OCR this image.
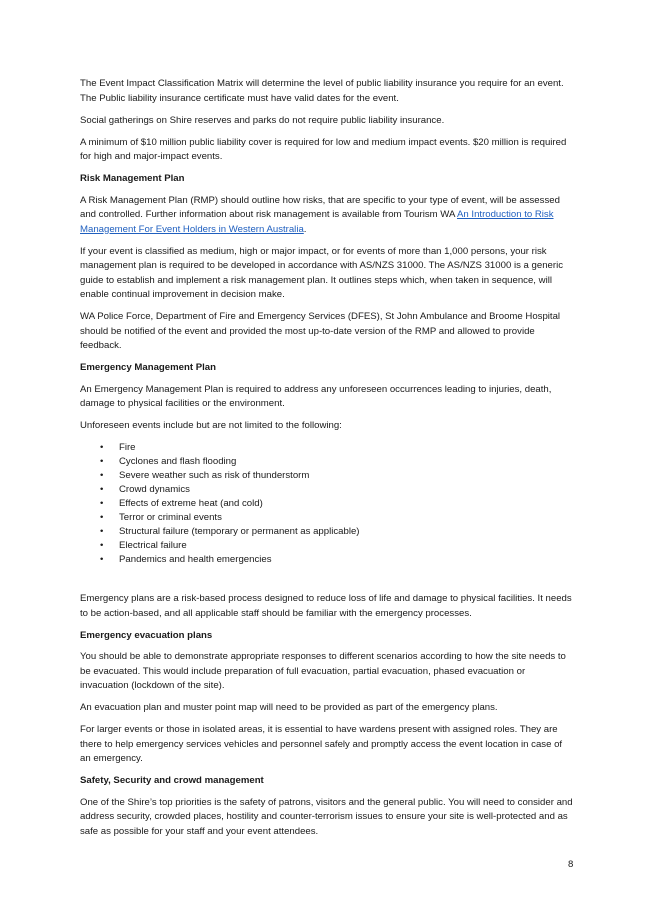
The Event Impact Classification Matrix will determine the level of public liability insurance you require for an event. The Public liability insurance certificate must have valid dates for the event.

Social gatherings on Shire reserves and parks do not require public liability insurance.

A minimum of $10 million public liability cover is required for low and medium impact events. $20 million is required for high and major-impact events.

Risk Management Plan

A Risk Management Plan (RMP) should outline how risks, that are specific to your type of event, will be assessed and controlled. Further information about risk management is available from Tourism WA An Introduction to Risk Management For Event Holders in Western Australia.

If your event is classified as medium, high or major impact, or for events of more than 1,000 persons, your risk management plan is required to be developed in accordance with AS/NZS 31000. The AS/NZS 31000 is a generic guide to establish and implement a risk management plan. It outlines steps which, when taken in sequence, will enable continual improvement in decision make.

WA Police Force, Department of Fire and Emergency Services (DFES), St John Ambulance and Broome Hospital should be notified of the event and provided the most up-to-date version of the RMP and allowed to provide feedback.

Emergency Management Plan

An Emergency Management Plan is required to address any unforeseen occurrences leading to injuries, death, damage to physical facilities or the environment.

Unforeseen events include but are not limited to the following:

• Fire
• Cyclones and flash flooding
• Severe weather such as risk of thunderstorm
• Crowd dynamics
• Effects of extreme heat (and cold)
• Terror or criminal events
• Structural failure (temporary or permanent as applicable)
• Electrical failure
• Pandemics and health emergencies

Emergency plans are a risk-based process designed to reduce loss of life and damage to physical facilities. It needs to be action-based, and all applicable staff should be familiar with the emergency processes.

Emergency evacuation plans

You should be able to demonstrate appropriate responses to different scenarios according to how the site needs to be evacuated. This would include preparation of full evacuation, partial evacuation, phased evacuation or invacuation (lockdown of the site).

An evacuation plan and muster point map will need to be provided as part of the emergency plans.

For larger events or those in isolated areas, it is essential to have wardens present with assigned roles. They are there to help emergency services vehicles and personnel safely and promptly access the event location in case of an emergency.

Safety, Security and crowd management

One of the Shire’s top priorities is the safety of patrons, visitors and the general public. You will need to consider and address security, crowded places, hostility and counter-terrorism issues to ensure your site is well-protected and as safe as possible for your staff and your event attendees.

8
